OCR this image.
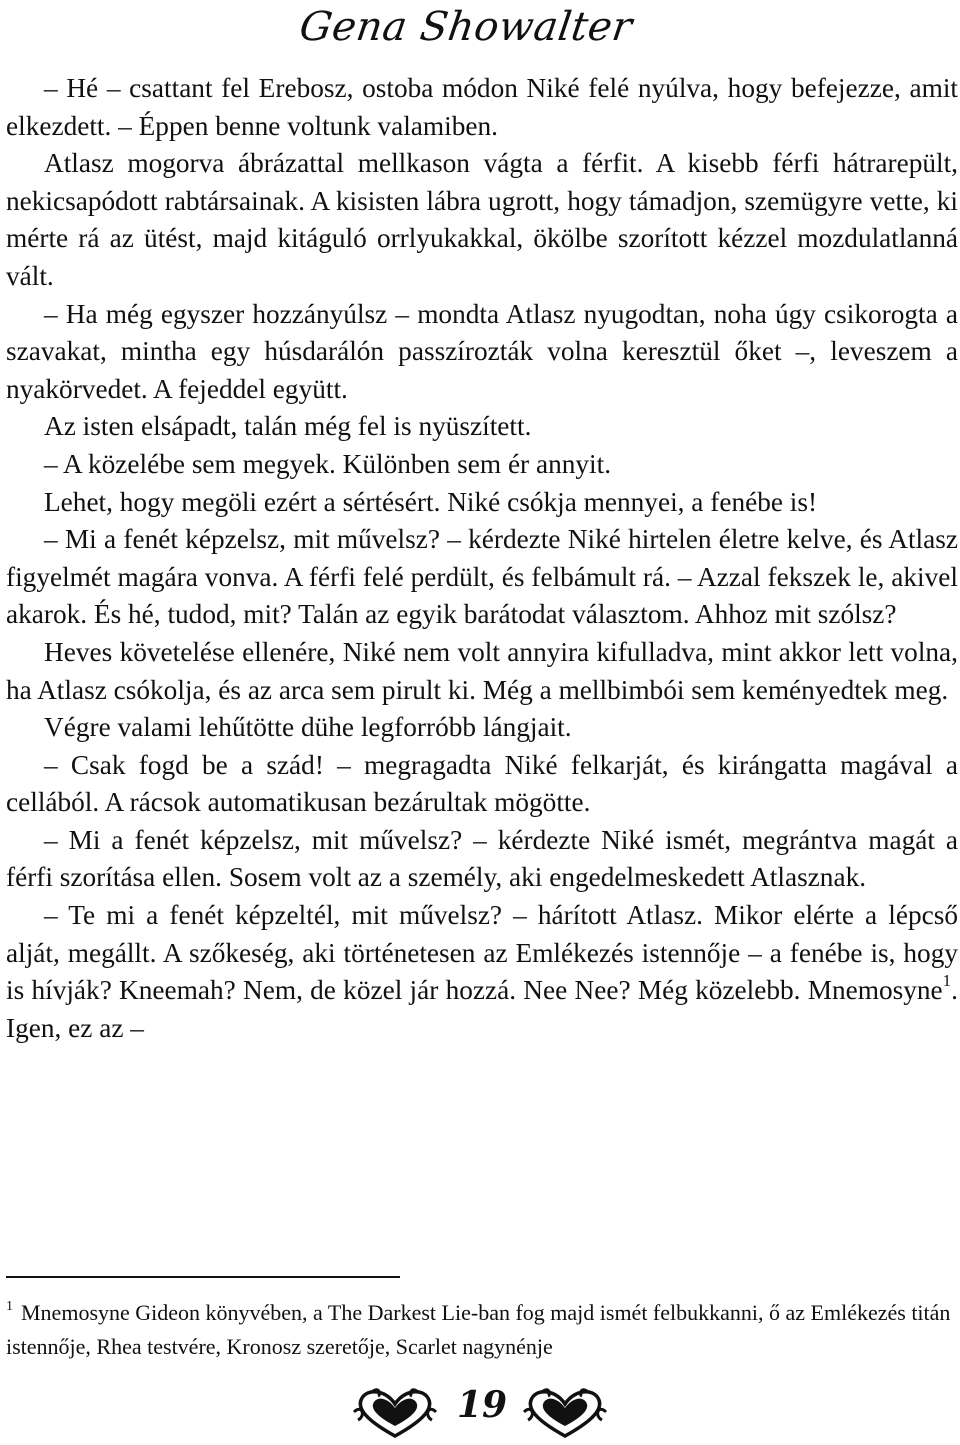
Gena Showalter

– Hé – csattant fel Erebosz, ostoba módon Niké felé nyúlva, hogy befejezze, amit elkezdett. – Éppen benne voltunk valamiben.

Atlasz mogorva ábrázattal mellkason vágta a férfit. A kisebb férfi hátrarepült, nekicsapódott rabtársainak. A kisisten lábra ugrott, hogy támadjon, szemügyre vette, ki mérte rá az ütést, majd kitáguló orrlyukakkal, ökölbe szorított kézzel mozdulatlanná vált.

– Ha még egyszer hozzányúlsz – mondta Atlasz nyugodtan, noha úgy csikorogta a szavakat, mintha egy húsdarálón passzírozták volna keresztül őket –, leveszem a nyakörvedet. A fejeddel együtt.

Az isten elsápadt, talán még fel is nyüszített.

– A közelébe sem megyek. Különben sem ér annyit.

Lehet, hogy megöli ezért a sértésért. Niké csókja mennyei, a fenébe is!

– Mi a fenét képzelsz, mit művelsz? – kérdezte Niké hirtelen életre kelve, és Atlasz figyelmét magára vonva. A férfi felé perdült, és felbámult rá. – Azzal fekszek le, akivel akarok. És hé, tudod, mit? Talán az egyik barátodat választom. Ahhoz mit szólsz?

Heves követelése ellenére, Niké nem volt annyira kifulladva, mint akkor lett volna, ha Atlasz csókolja, és az arca sem pirult ki. Még a mellbimbói sem keményedtek meg.

Végre valami lehűtötte dühe legforróbb lángjait.

– Csak fogd be a szád! – megragadta Niké felkarját, és kirángatta magával a cellából. A rácsok automatikusan bezárultak mögötte.

– Mi a fenét képzelsz, mit művelsz? – kérdezte Niké ismét, megrántva magát a férfi szorítása ellen. Sosem volt az a személy, aki engedelmeskedett Atlasznak.

– Te mi a fenét képzeltél, mit művelsz? – hárított Atlasz. Mikor elérte a lépcső alját, megállt. A szőkeség, aki történetesen az Emlékezés istennője – a fenébe is, hogy is hívják? Kneemah? Nem, de közel jár hozzá. Nee Nee? Még közelebb. Mnemosyne$^1$. Igen, ez az –

$^1$ Mnemosyne Gideon könyvében, a The Darkest Lie-ban fog majd ismét felbukkanni, ő az Emlékezés titán istennője, Rhea testvére, Kronosz szeretője, Scarlet nagynénje
19
